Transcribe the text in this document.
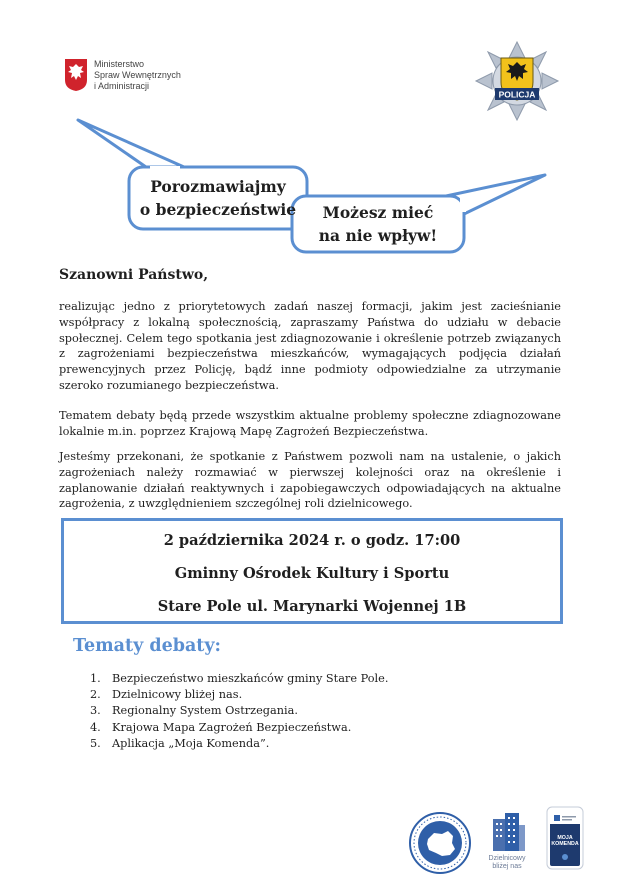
Ministerstwo
Spraw Wewnętrznych
i Administracji
POLICJA
Porozmawiajmy
o bezpieczeństwie	Możesz mieć
na nie wpływ!
Szanowni Państwo,

realizując jedno z priorytetowych zadań naszej formacji, jakim jest zacieśnianie współpracy z lokalną społecznością, zapraszamy Państwa do udziału w debacie społecznej. Celem tego spotkania jest zdiagnozowanie i określenie potrzeb związanych z zagrożeniami bezpieczeństwa mieszkańców, wymagających podjęcia działań prewencyjnych przez Policję, bądź inne podmioty odpowiedzialne za utrzymanie szeroko rozumianego bezpieczeństwa.

Tematem debaty będą przede wszystkim aktualne problemy społeczne zdiagnozowane lokalnie m.in. poprzez Krajową Mapę Zagrożeń Bezpieczeństwa.

Jesteśmy przekonani, że spotkanie z Państwem pozwoli nam na ustalenie, o jakich zagrożeniach należy rozmawiać w pierwszej kolejności oraz na określenie i zaplanowanie działań reaktywnych i zapobiegawczych odpowiadających na aktualne zagrożenia, z uwzględnieniem szczególnej roli dzielnicowego.

2 października 2024 r. o godz. 17:00
Gminny Ośrodek Kultury i Sportu
Stare Pole ul. Marynarki Wojennej 1B
Tematy debaty:
1. Bezpieczeństwo mieszkańców gminy Stare Pole.
2. Dzielnicowy bliżej nas.
3. Regionalny System Ostrzegania.
4. Krajowa Mapa Zagrożeń Bezpieczeństwa.
5. Aplikacja „Moja Komenda”.
Dzielnicowy
bliżej nas
MOJA
KOMENDA
